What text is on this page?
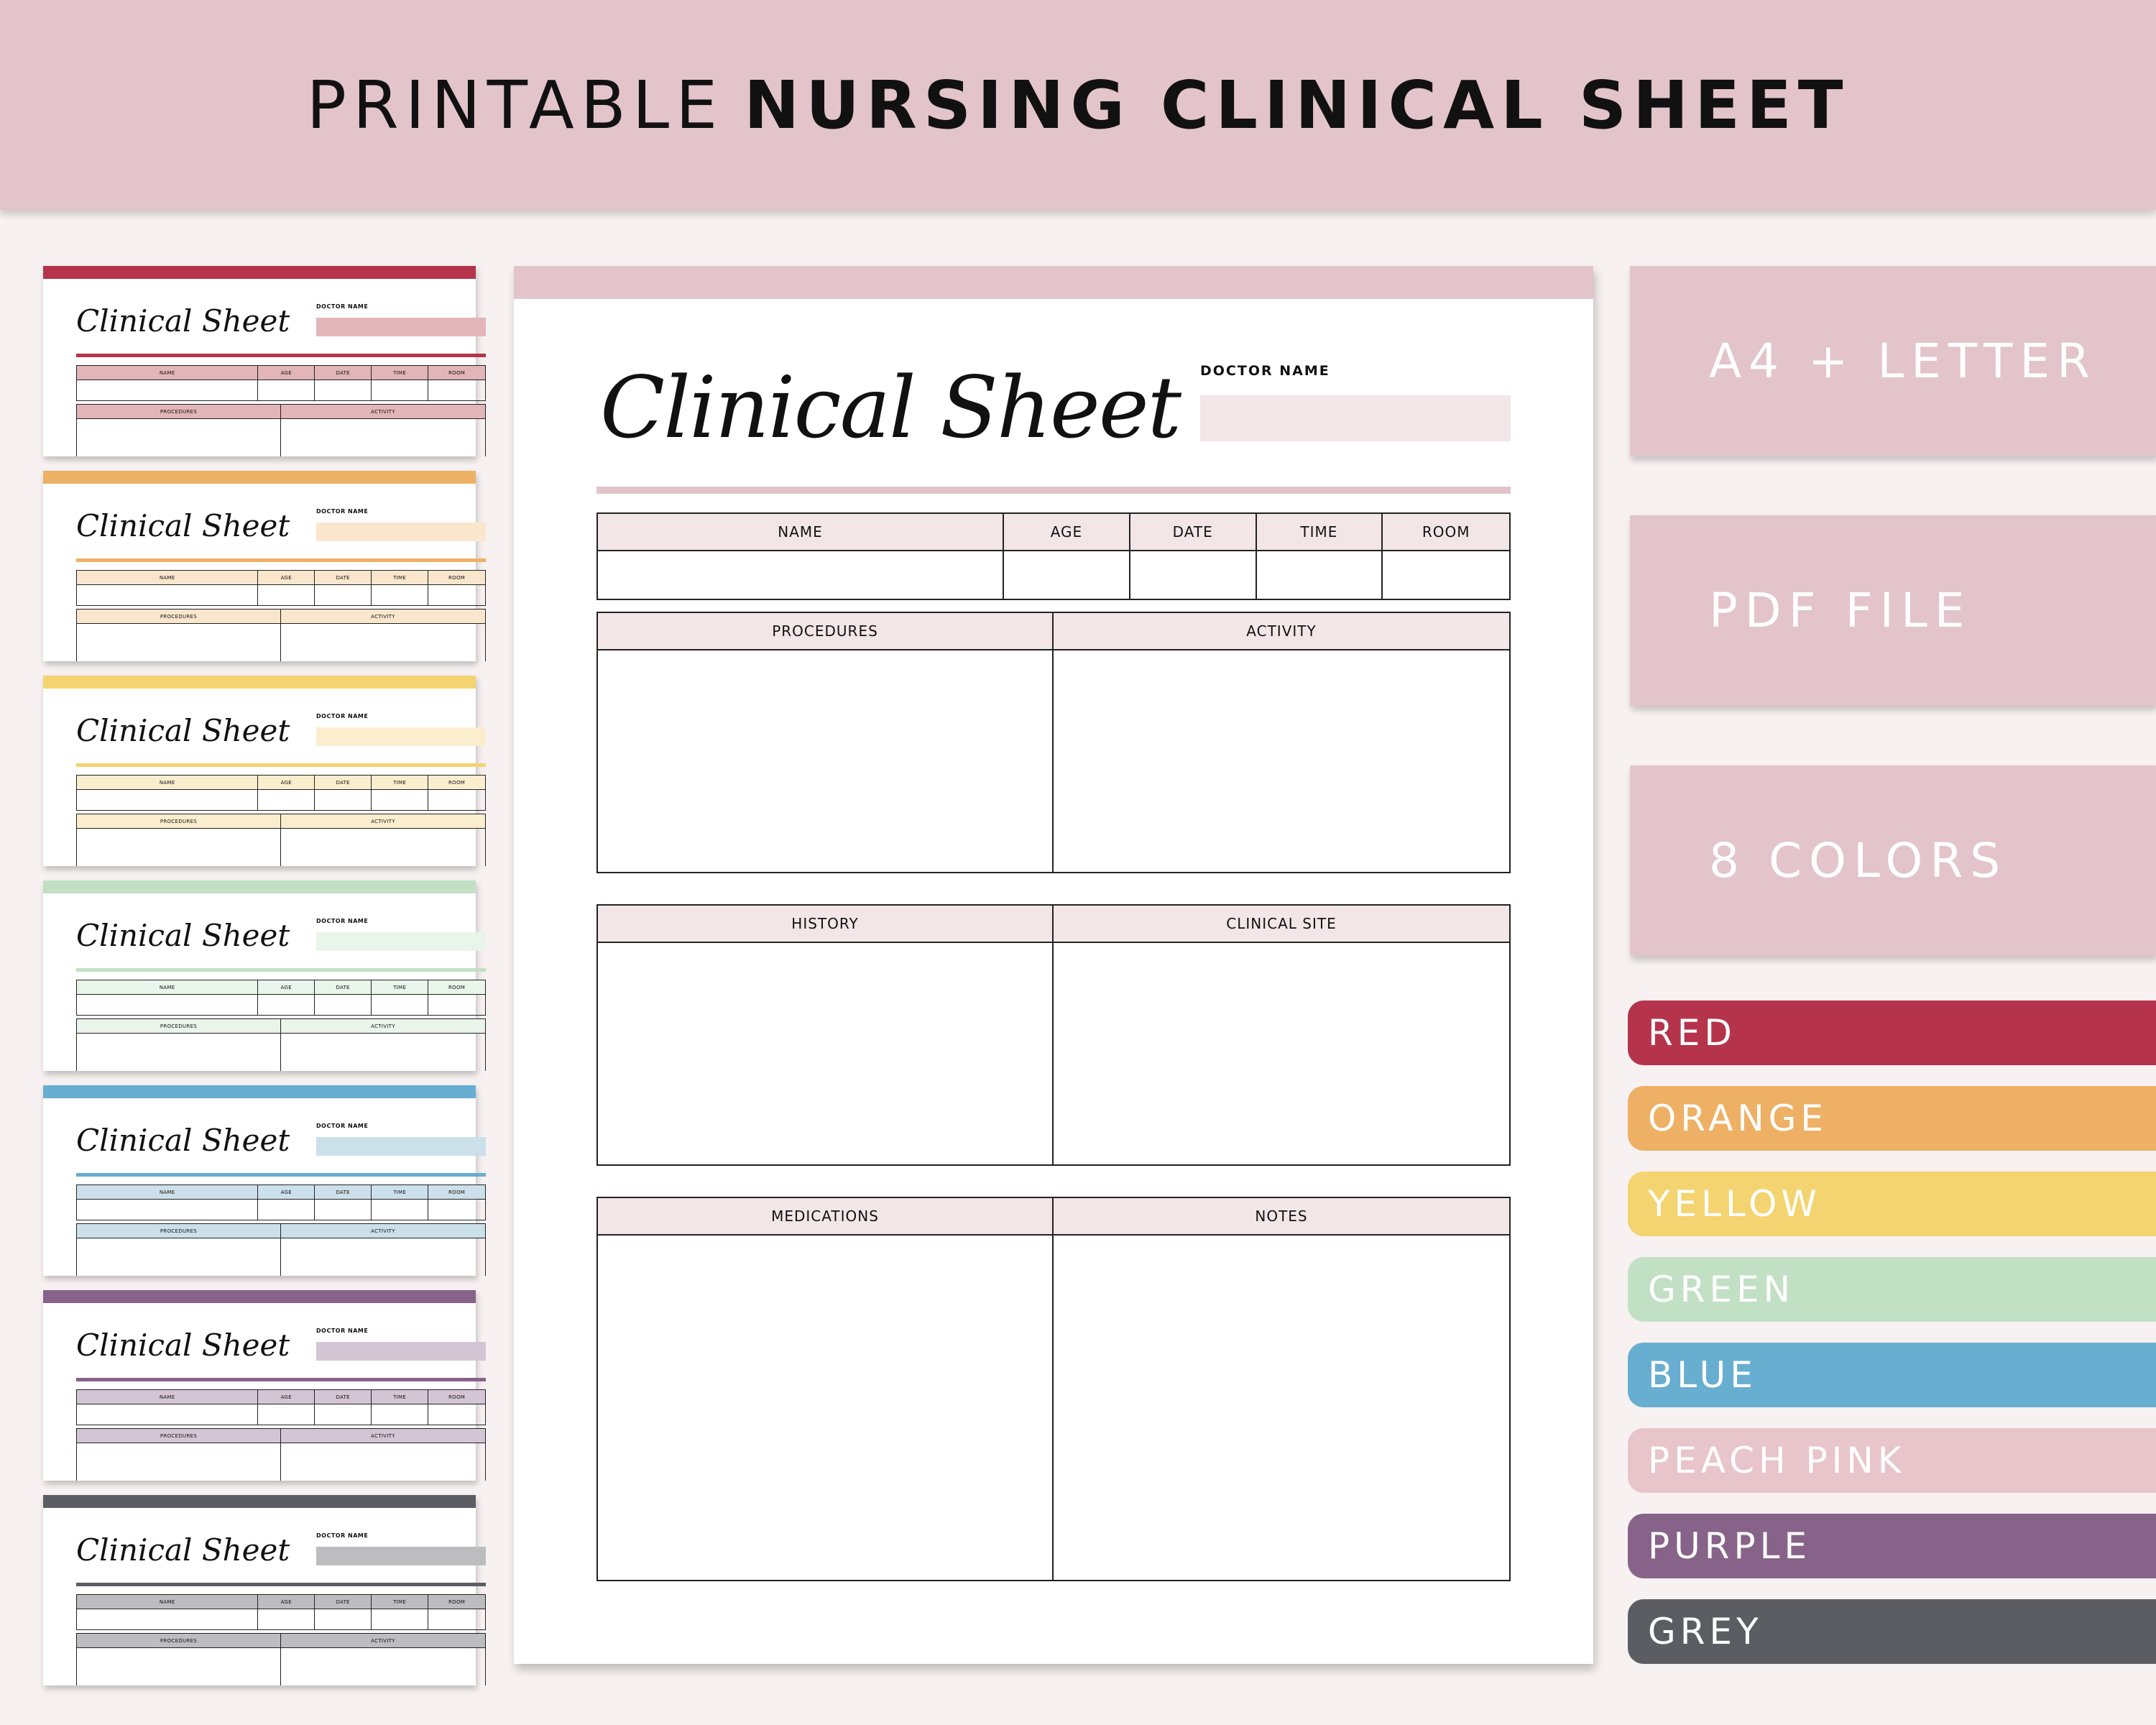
PRINTABLE NURSING CLINICAL SHEET
Clinical Sheet	DOCTOR NAME
NAME	AGE	DATE	TIME	ROOM
PROCEDURES	ACTIVITY
Clinical Sheet	DOCTOR NAME
NAME	AGE	DATE	TIME	ROOM
PROCEDURES	ACTIVITY
Clinical Sheet	DOCTOR NAME
NAME	AGE	DATE	TIME	ROOM
PROCEDURES	ACTIVITY
Clinical Sheet	DOCTOR NAME
NAME	AGE	DATE	TIME	ROOM
PROCEDURES	ACTIVITY
Clinical Sheet	DOCTOR NAME
NAME	AGE	DATE	TIME	ROOM
PROCEDURES	ACTIVITY
Clinical Sheet	DOCTOR NAME
NAME	AGE	DATE	TIME	ROOM
PROCEDURES	ACTIVITY
Clinical Sheet	DOCTOR NAME
NAME	AGE	DATE	TIME	ROOM
PROCEDURES	ACTIVITY
Clinical Sheet DOCTOR NAME
NAME	AGE	DATE	TIME	ROOM
PROCEDURES	ACTIVITY
HISTORY	CLINICAL SITE
MEDICATIONS	NOTES
A4 + LETTER
PDF FILE
8 COLORS
RED
ORANGE
YELLOW
GREEN
BLUE
PEACH PINK
PURPLE
GREY
